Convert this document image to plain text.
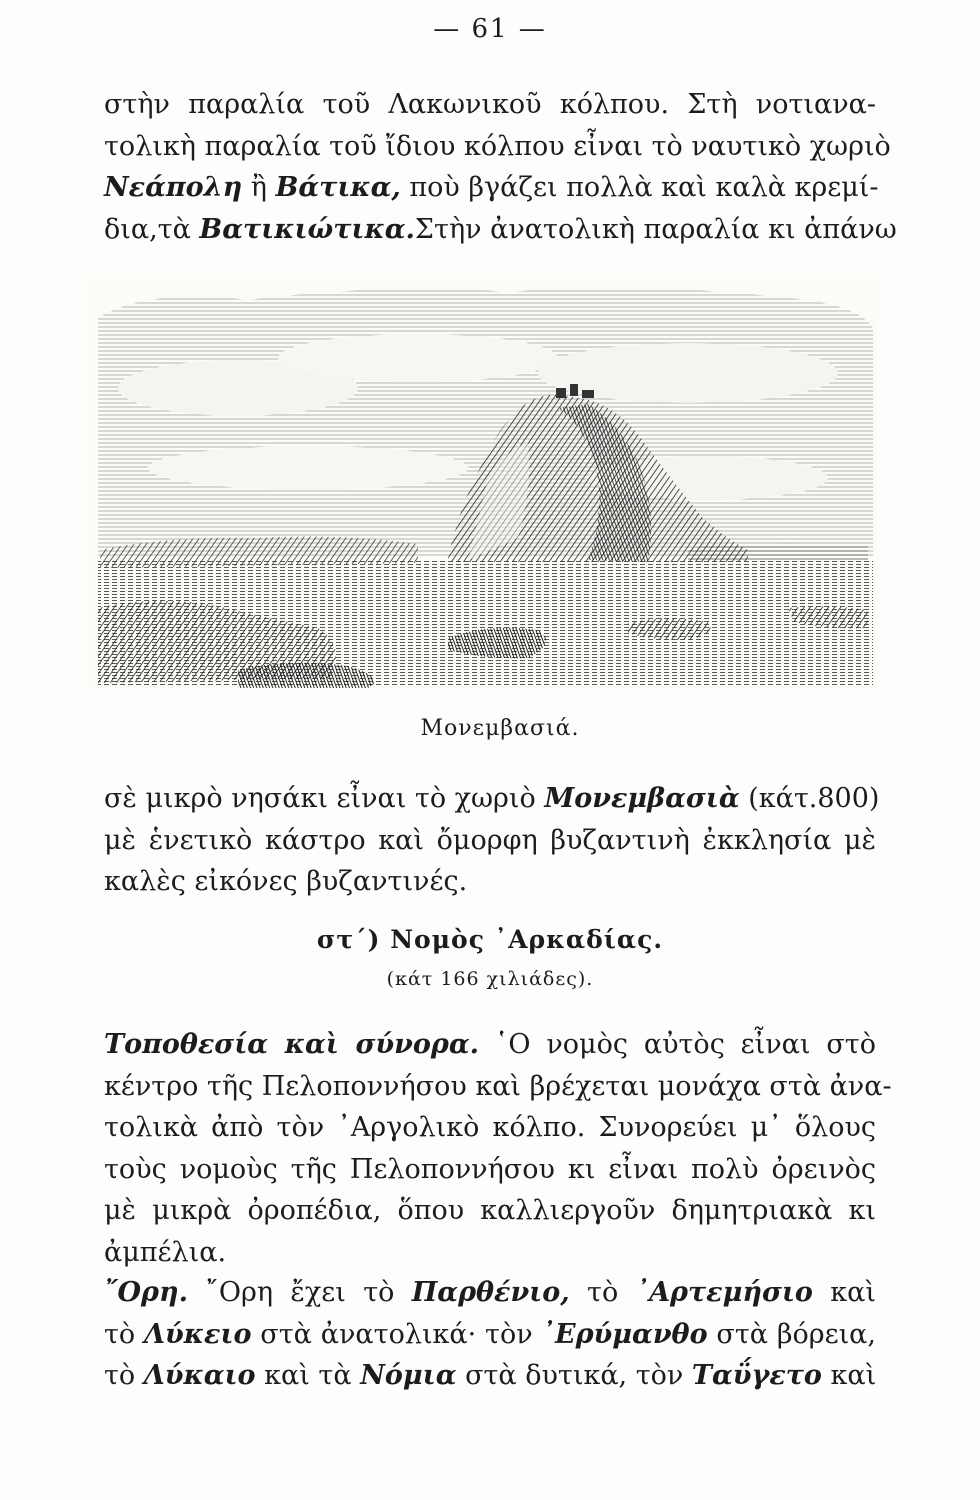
— 61 —

στὴν παραλία τοῦ Λακωνικοῦ κόλπου. Στὴ νοτιανα-
τολικὴ παραλία τοῦ ἴδιου κόλπου εἶναι τὸ ναυτικὸ χωριὸ
Νεάπολη ἢ Βάτικα, ποὺ βγάζει πολλὰ καὶ καλὰ κρεμί-
δια,τὰ Βατικιώτικα.Στὴν ἀνατολικὴ παραλία κι ἀπάνω

Μονεμβασιά.

σὲ μικρὸ νησάκι εἶναι τὸ χωριὸ Μονεμβασιὰ (κάτ.800)
μὲ ἑνετικὸ κάστρο καὶ ὄμορφη βυζαντινὴ ἐκκλησία μὲ
καλὲς εἰκόνες βυζαντινές.

στ΄) Νομὸς ᾿Αρκαδίας.
(κάτ 166 χιλιάδες).

Τοποθεσία καὶ σύνορα. ῾Ο νομὸς αὐτὸς εἶναι στὸ
κέντρο τῆς Πελοποννήσου καὶ βρέχεται μονάχα στὰ ἀνα-
τολικὰ ἀπὸ τὸν ᾿Αργολικὸ κόλπο. Συνορεύει μ᾿ ὅλους
τοὺς νομοὺς τῆς Πελοποννήσου κι εἶναι πολὺ ὀρεινὸς
μὲ μικρὰ ὀροπέδια, ὅπου καλλιεργοῦν δημητριακὰ κι
ἀμπέλια.

῎Ορη. ῎Ορη ἔχει τὸ Παρθένιο, τὸ ᾿Αρτεμήσιο καὶ
τὸ Λύκειο στὰ ἀνατολικά· τὸν ᾿Ερύμανθο στὰ βόρεια,
τὸ Λύκαιο καὶ τὰ Νόμια στὰ δυτικά, τὸν Ταΰγετο καὶ
